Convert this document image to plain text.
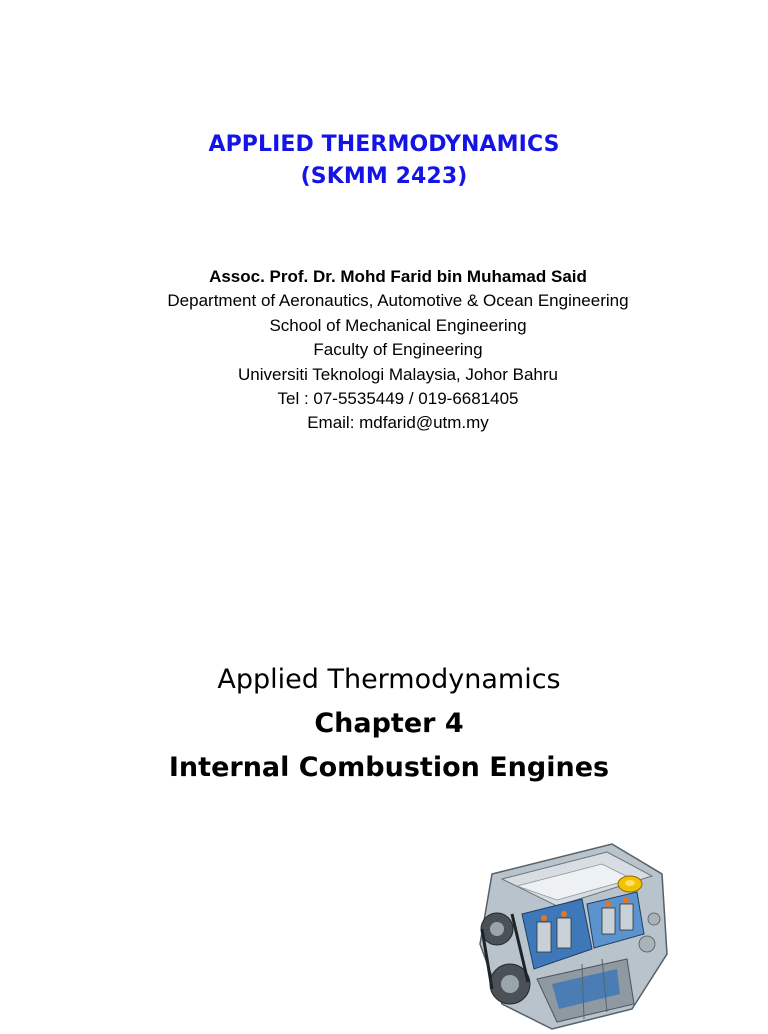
APPLIED THERMODYNAMICS
(SKMM 2423)
Assoc. Prof. Dr. Mohd Farid bin Muhamad Said
Department of Aeronautics, Automotive & Ocean Engineering
School of Mechanical Engineering
Faculty of Engineering
Universiti Teknologi Malaysia, Johor Bahru
Tel : 07-5535449 / 019-6681405
Email: mdfarid@utm.my
Applied Thermodynamics
Chapter 4
Internal Combustion Engines
